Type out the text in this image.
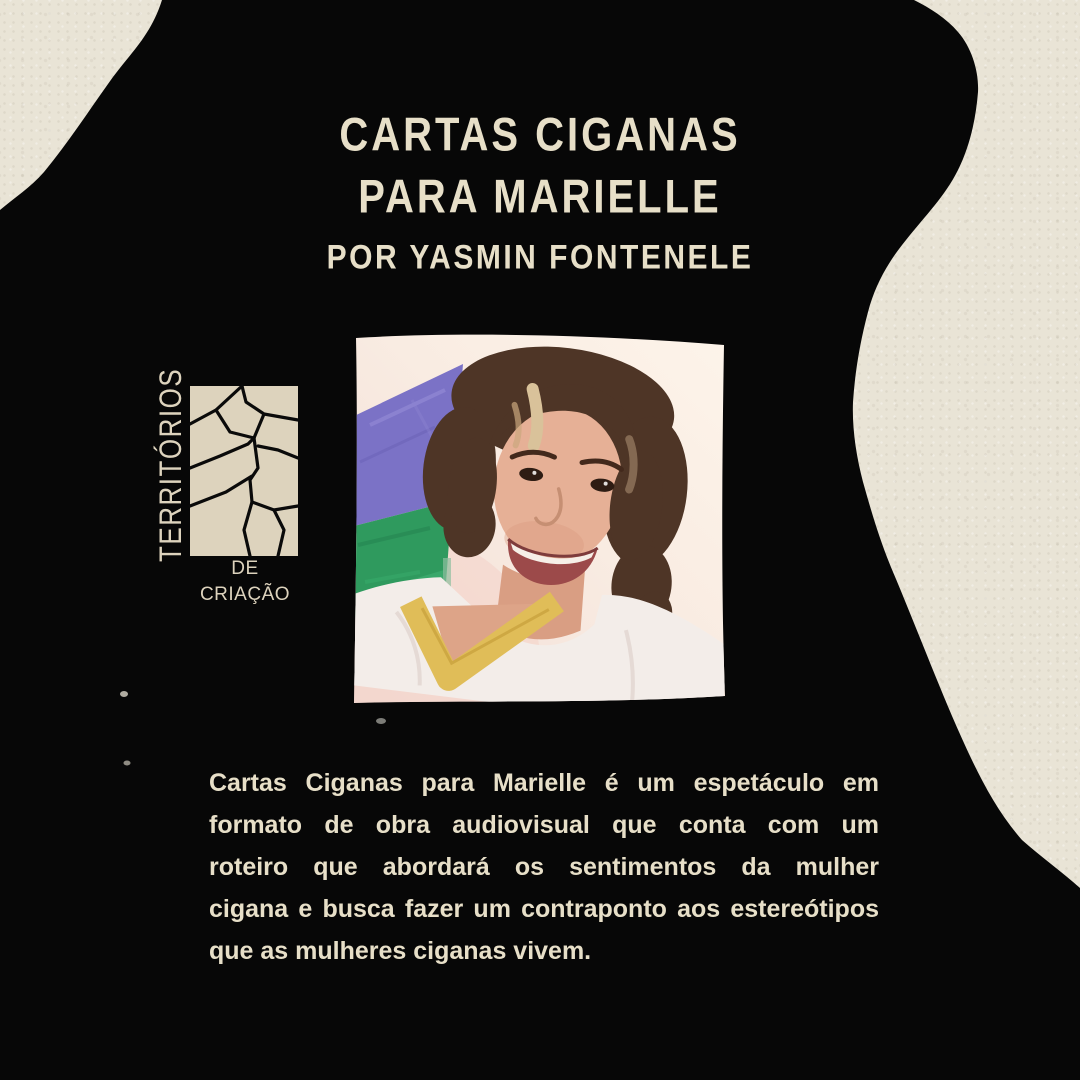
CARTAS CIGANAS
PARA MARIELLE
POR YASMIN FONTENELE
TERRITÓRIOS
DE CRIAÇÃO
Cartas Ciganas para Marielle é um espetáculo em
formato de obra audiovisual que conta com um
roteiro que abordará os sentimentos da mulher
cigana e busca fazer um contraponto aos estereótipos
que as mulheres ciganas vivem.
